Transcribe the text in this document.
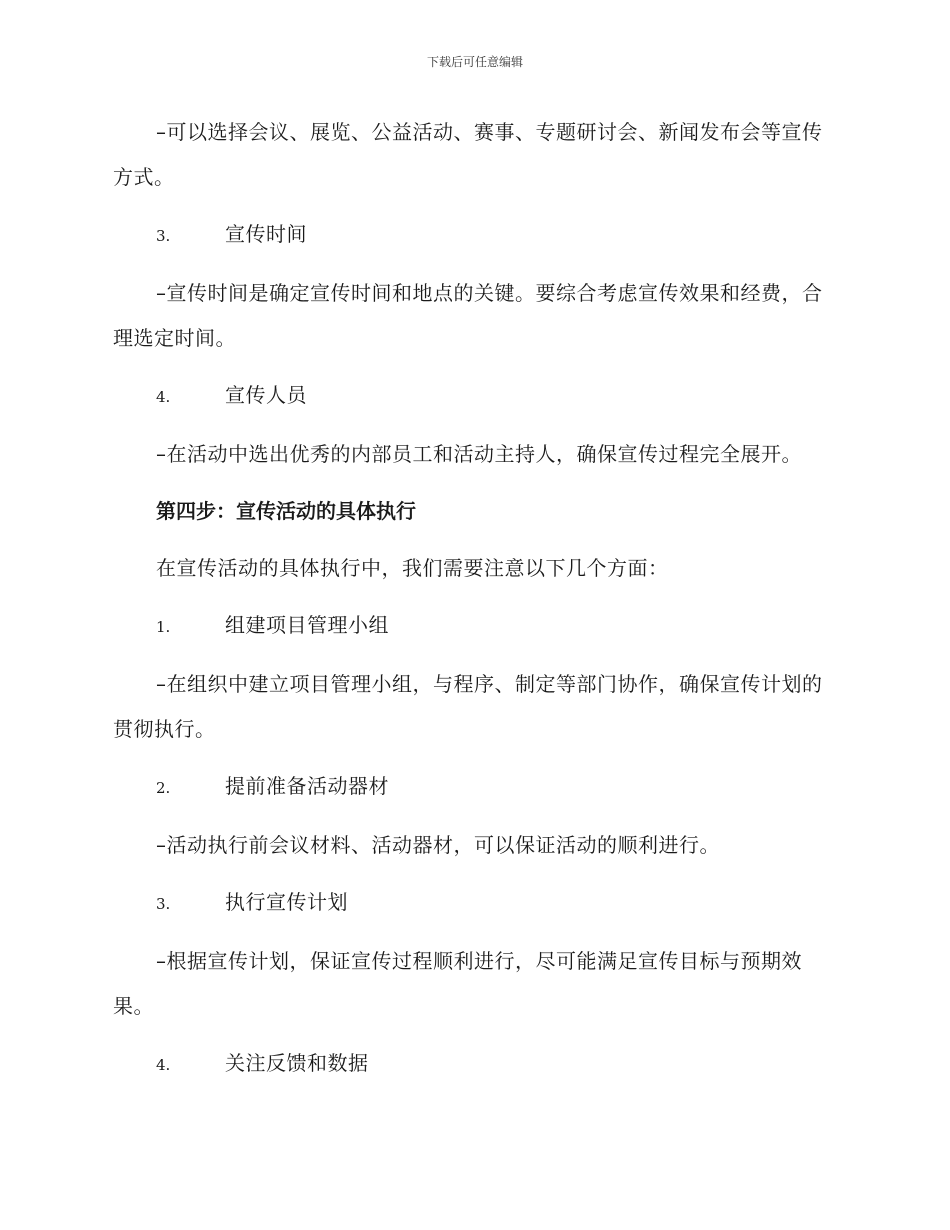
下载后可任意编辑

–可以选择会议、展览、公益活动、赛事、专题研讨会、新闻发布会等宣传方式。

3.	宣传时间

–宣传时间是确定宣传时间和地点的关键。要综合考虑宣传效果和经费，合理选定时间。

4.	宣传人员

–在活动中选出优秀的内部员工和活动主持人，确保宣传过程完全展开。

第四步：宣传活动的具体执行

在宣传活动的具体执行中，我们需要注意以下几个方面：

1.	组建项目管理小组

–在组织中建立项目管理小组，与程序、制定等部门协作，确保宣传计划的贯彻执行。

2.	提前准备活动器材

–活动执行前会议材料、活动器材，可以保证活动的顺利进行。

3.	执行宣传计划

–根据宣传计划，保证宣传过程顺利进行，尽可能满足宣传目标与预期效果。

4.	关注反馈和数据
